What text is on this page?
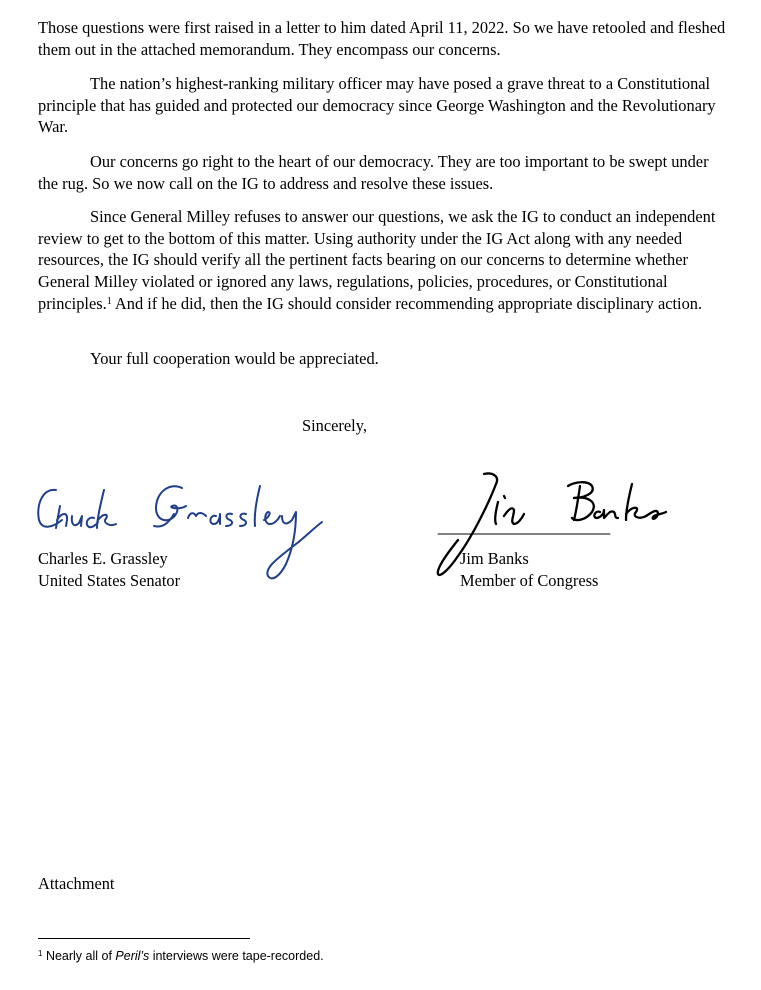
Those questions were first raised in a letter to him dated April 11, 2022. So we have retooled and fleshed them out in the attached memorandum. They encompass our concerns.

The nation’s highest-ranking military officer may have posed a grave threat to a Constitutional principle that has guided and protected our democracy since George Washington and the Revolutionary War.

Our concerns go right to the heart of our democracy. They are too important to be swept under the rug. So we now call on the IG to address and resolve these issues.

Since General Milley refuses to answer our questions, we ask the IG to conduct an independent review to get to the bottom of this matter. Using authority under the IG Act along with any needed resources, the IG should verify all the pertinent facts bearing on our concerns to determine whether General Milley violated or ignored any laws, regulations, policies, procedures, or Constitutional principles.$^1$ And if he did, then the IG should consider recommending appropriate disciplinary action.

Your full cooperation would be appreciated.

Sincerely,
Charles E. Grassley
United States Senator
Jim Banks
Member of Congress
Attachment
$^1$ Nearly all of Peril’s interviews were tape-recorded.
